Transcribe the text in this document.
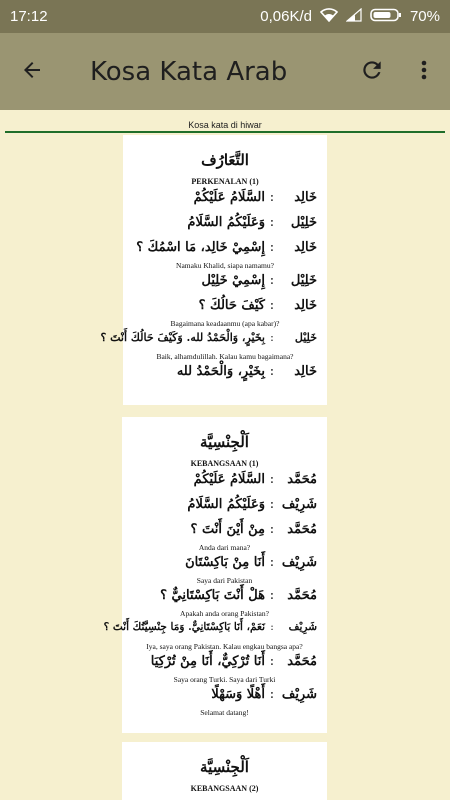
17:12	0,06K/d	70%
Kosa Kata Arab
Kosa kata di hiwar
التَّعَارُف
PERKENALAN (1)
خَالِد
:
السَّلَامُ عَلَيْكُمْ
خَلِيْل
:
وَعَلَيْكُمُ السَّلَامُ
خَالِد
:
إِسْمِيْ خَالِد، مَا اسْمُكَ ؟
Namaku Khalid, siapa namamu?
خَلِيْل
:
إِسْمِيْ خَلِيْل
خَالِد
:
كَيْفَ حَالُكَ ؟
Bagaimana keadaanmu (apa kabar)?
خَلِيْل
:
بِخَيْرٍ، وَالْحَمْدُ لله. وَكَيْفَ حَالُكَ أَنْتَ ؟
Baik, alhamdulillah. Kalau kamu bagaimana?
خَالِد
:
بِخَيْرٍ، وَالْحَمْدُ لله
اَلْجِنْسِيَّة
KEBANGSAAN (1)
مُحَمَّد
:
السَّلَامُ عَلَيْكُمْ
شَرِيْف
:
وَعَلَيْكُمُ السَّلَامُ
مُحَمَّد
:
مِنْ أَيْنَ أَنْتَ ؟
Anda dari mana?
شَرِيْف
:
أَنَا مِنْ بَاكِسْتَانَ
Saya dari Pakistan
مُحَمَّد
:
هَلْ أَنْتَ بَاكِسْتَانِيٌّ ؟
Apakah anda orang Pakistan?
شَرِيْف
:
نَعَمْ، أَنَا بَاكِسْتَانِيٌّ. وَمَا جِنْسِيَّتُكَ أَنْتَ ؟
Iya, saya orang Pakistan. Kalau engkau bangsa apa?
مُحَمَّد
:
أَنَا تُرْكِيٌّ، أَنَا مِنْ تُرْكِيَا
Saya orang Turki. Saya dari Turki
شَرِيْف
:
أَهْلًا وَسَهْلًا
Selamat datang!
اَلْجِنْسِيَّة
KEBANGSAAN (2)
